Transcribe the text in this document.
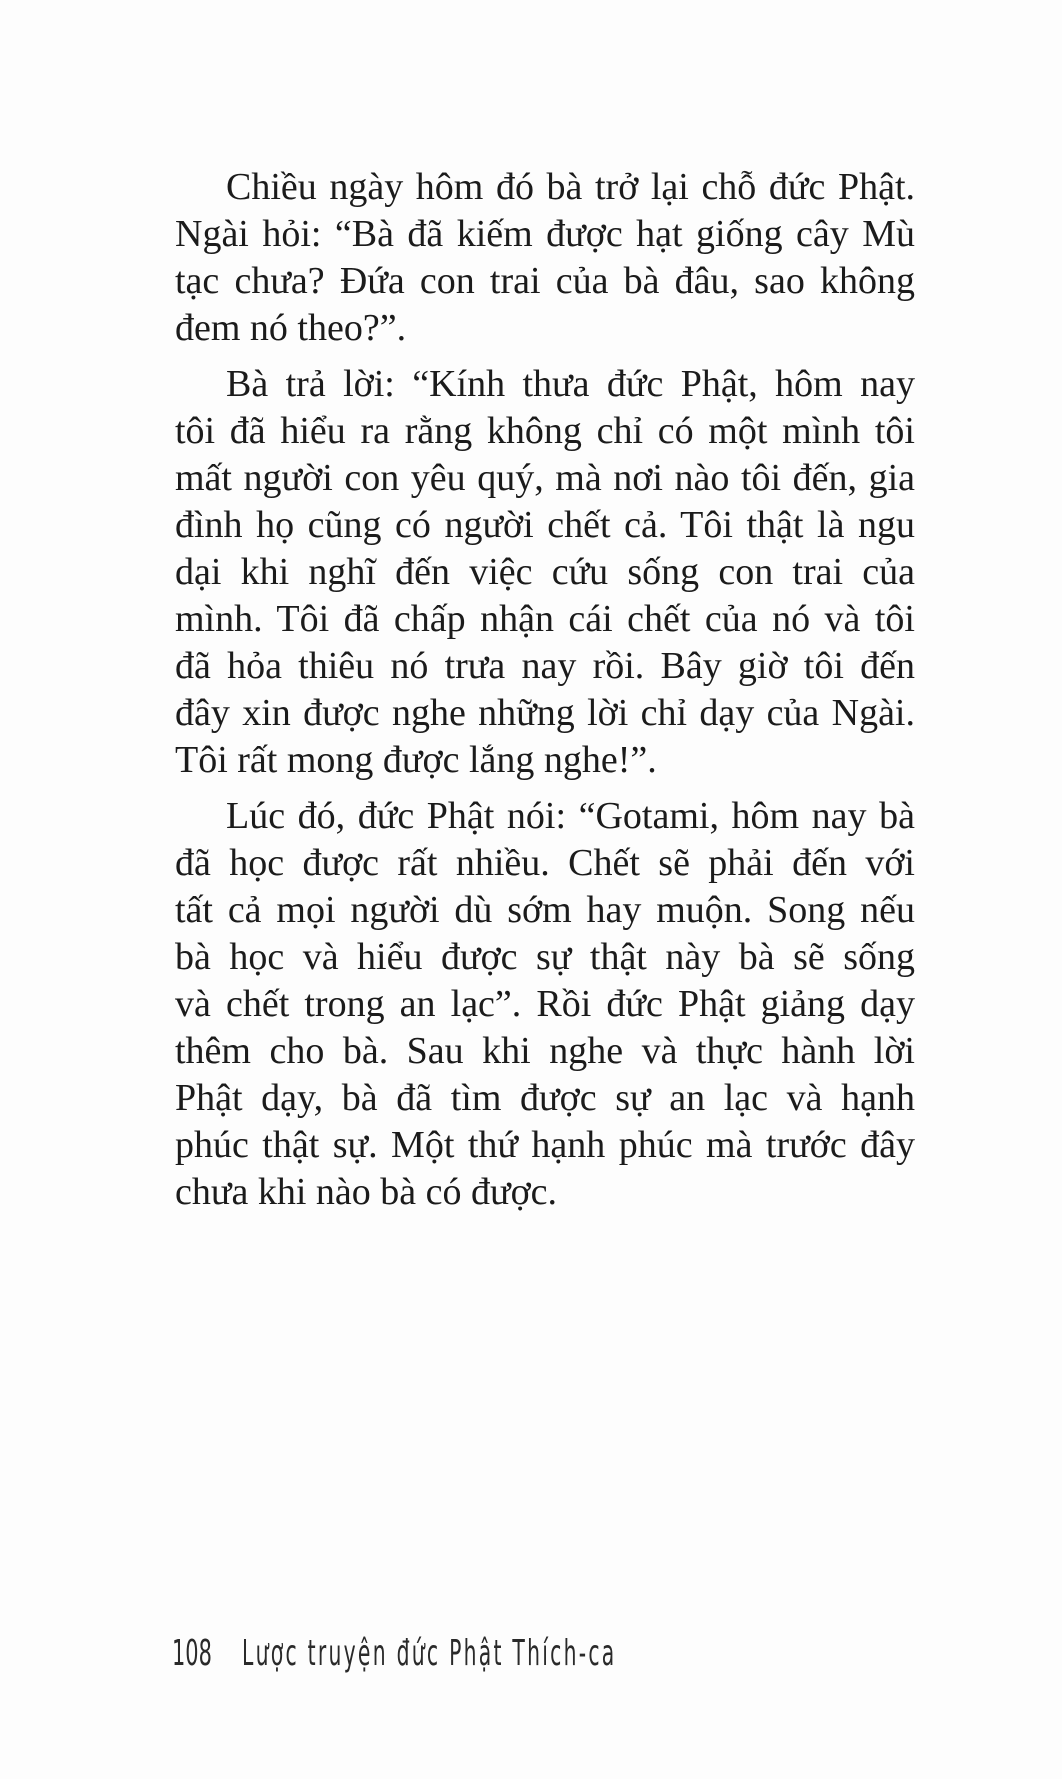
Chiều ngày hôm đó bà trở lại chỗ đức Phật.
Ngài hỏi: “Bà đã kiếm được hạt giống cây Mù
tạc chưa? Đứa con trai của bà đâu, sao không
đem nó theo?”.
Bà trả lời: “Kính thưa đức Phật, hôm nay
tôi đã hiểu ra rằng không chỉ có một mình tôi
mất người con yêu quý, mà nơi nào tôi đến, gia
đình họ cũng có người chết cả. Tôi thật là ngu
dại khi nghĩ đến việc cứu sống con trai của
mình. Tôi đã chấp nhận cái chết của nó và tôi
đã hỏa thiêu nó trưa nay rồi. Bây giờ tôi đến
đây xin được nghe những lời chỉ dạy của Ngài.
Tôi rất mong được lắng nghe!”.
Lúc đó, đức Phật nói: “Gotami, hôm nay bà
đã học được rất nhiều. Chết sẽ phải đến với
tất cả mọi người dù sớm hay muộn. Song nếu
bà học và hiểu được sự thật này bà sẽ sống
và chết trong an lạc”. Rồi đức Phật giảng dạy
thêm cho bà. Sau khi nghe và thực hành lời
Phật dạy, bà đã tìm được sự an lạc và hạnh
phúc thật sự. Một thứ hạnh phúc mà trước đây
chưa khi nào bà có được.
108 Lược truyện đức Phật Thích-ca
